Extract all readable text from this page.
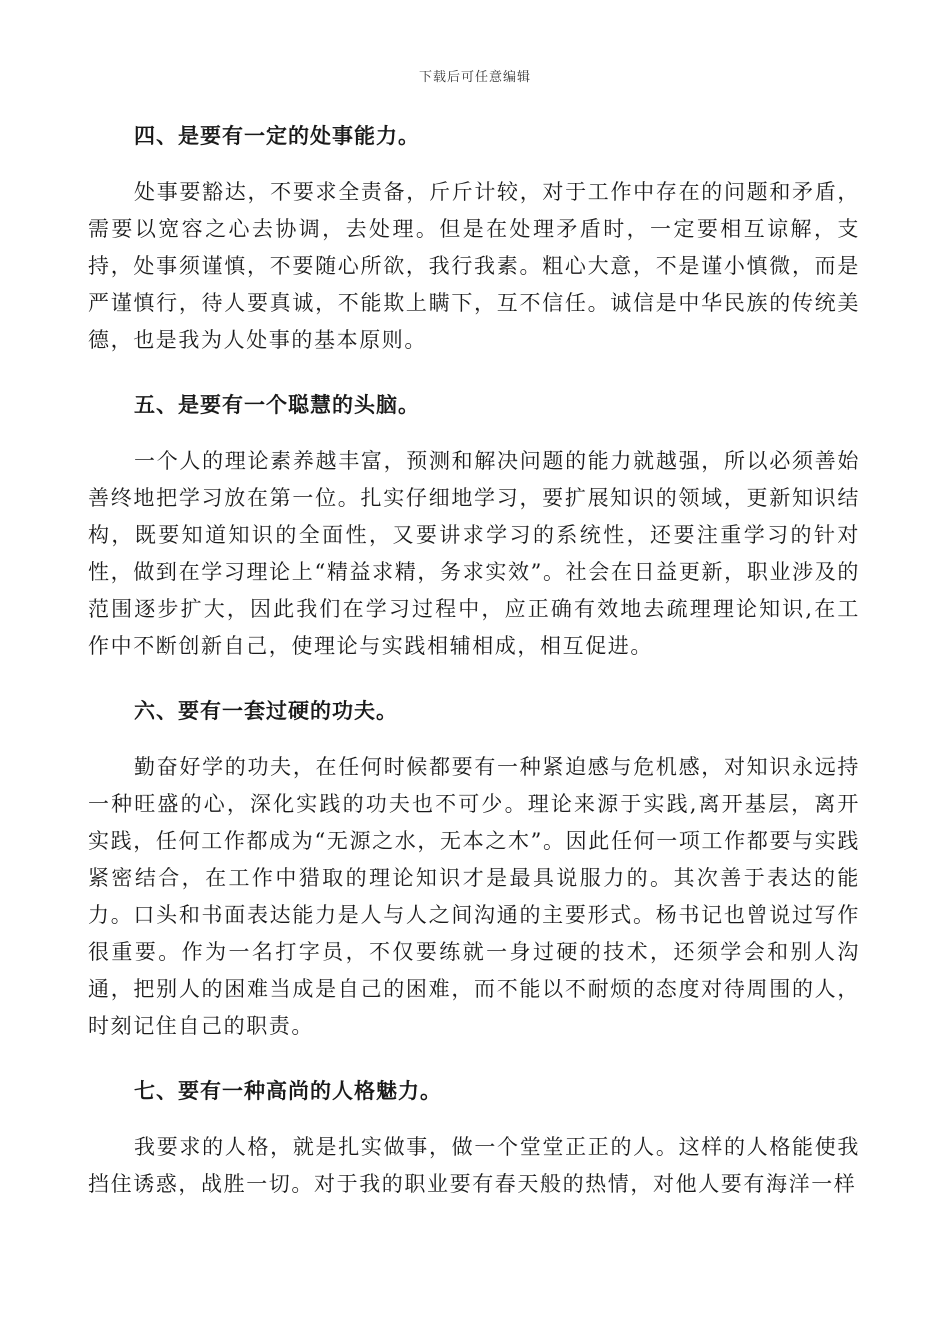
下载后可任意编辑
四、是要有一定的处事能力。

处事要豁达，不要求全责备，斤斤计较，对于工作中存在的问题和矛盾，需要以宽容之心去协调，去处理。但是在处理矛盾时，一定要相互谅解，支持，处事须谨慎，不要随心所欲，我行我素。粗心大意，不是谨小慎微，而是严谨慎行，待人要真诚，不能欺上瞒下，互不信任。诚信是中华民族的传统美德，也是我为人处事的基本原则。

五、是要有一个聪慧的头脑。

一个人的理论素养越丰富，预测和解决问题的能力就越强，所以必须善始善终地把学习放在第一位。扎实仔细地学习，要扩展知识的领域，更新知识结构，既要知道知识的全面性，又要讲求学习的系统性，还要注重学习的针对性，做到在学习理论上“精益求精，务求实效”。社会在日益更新，职业涉及的范围逐步扩大，因此我们在学习过程中，应正确有效地去疏理理论知识,在工作中不断创新自己，使理论与实践相辅相成，相互促进。

六、要有一套过硬的功夫。

勤奋好学的功夫，在任何时候都要有一种紧迫感与危机感，对知识永远持一种旺盛的心，深化实践的功夫也不可少。理论来源于实践,离开基层，离开实践，任何工作都成为“无源之水，无本之木”。因此任何一项工作都要与实践紧密结合，在工作中猎取的理论知识才是最具说服力的。其次善于表达的能力。口头和书面表达能力是人与人之间沟通的主要形式。杨书记也曾说过写作很重要。作为一名打字员，不仅要练就一身过硬的技术，还须学会和别人沟通，把别人的困难当成是自己的困难，而不能以不耐烦的态度对待周围的人，时刻记住自己的职责。

七、要有一种高尚的人格魅力。

我要求的人格，就是扎实做事，做一个堂堂正正的人。这样的人格能使我挡住诱惑，战胜一切。对于我的职业要有春天般的热情，对他人要有海洋一样
